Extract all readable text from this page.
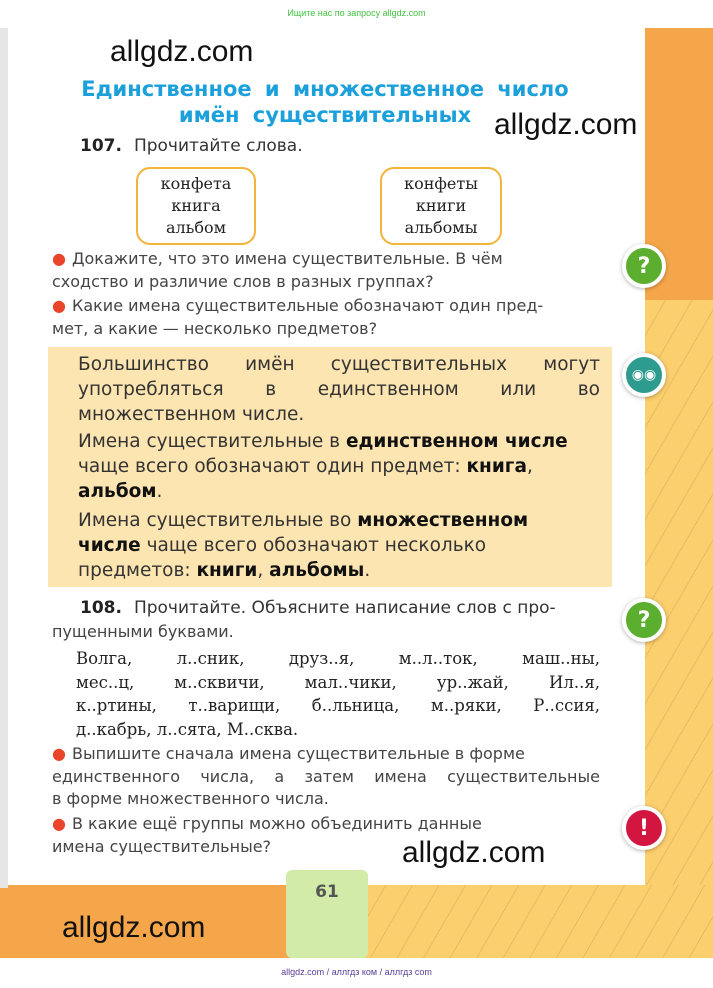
Ищите нас по запросу allgdz.com
Единственное и множественное число
имён существительных
107. Прочитайте слова.
конфета
книга
альбом
конфеты
книги
альбомы
● Докажите, что это имена существительные. В чём
сходство и различие слов в разных группах?
● Какие имена существительные обозначают один пред-
мет, а какие — несколько предметов?
Большинство имён существительных могут
употребляться в единственном или во
множественном числе.
Имена существительные в единственном числе
чаще всего обозначают один предмет: книга,
альбом.
Имена существительные во множественном
числе чаще всего обозначают несколько
предметов: книги, альбомы.
108. Прочитайте. Объясните написание слов с про-
пущенными буквами.
Волга, л..сник, друз..я, м..л..ток, маш..ны,
мес..ц, м..сквичи, мал..чики, ур..жай, Ил..я,
к..ртины, т..варищи, б..льница, м..ряки, Р..ссия,
д..кабрь, л..сята, М..сква.
● Выпишите сначала имена существительные в форме
единственного числа, а затем имена существительные
в форме множественного числа.
● В какие ещё группы можно объединить данные
имена существительные?
?
◉◉
?
!
61
allgdz.com
allgdz.com
allgdz.com
allgdz.com
allgdz.com / аллгдз ком / аллгдз com
